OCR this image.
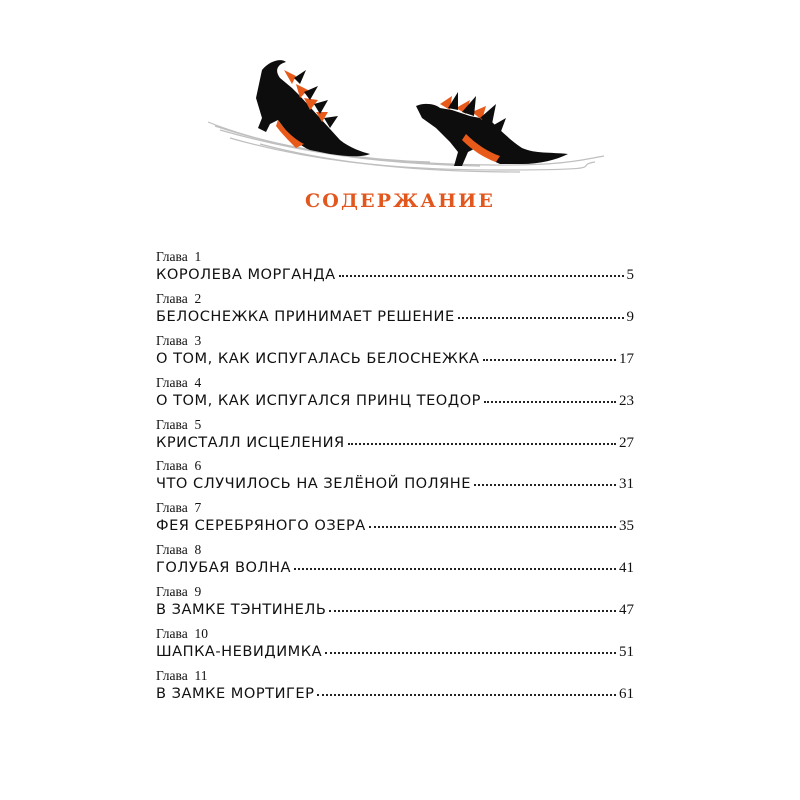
СОДЕРЖАНИЕ
Глава  1
КОРОЛЕВА МОРГАНДА	5
Глава  2
БЕЛОСНЕЖКА ПРИНИМАЕТ РЕШЕНИЕ	9
Глава  3
О ТОМ, КАК ИСПУГАЛАСЬ БЕЛОСНЕЖКА	17
Глава  4
О ТОМ, КАК ИСПУГАЛСЯ ПРИНЦ ТЕОДОР	23
Глава  5
КРИСТАЛЛ ИСЦЕЛЕНИЯ	27
Глава  6
ЧТО СЛУЧИЛОСЬ НА ЗЕЛЁНОЙ ПОЛЯНЕ	31
Глава  7
ФЕЯ СЕРЕБРЯНОГО ОЗЕРА	35
Глава  8
ГОЛУБАЯ ВОЛНА	41
Глава  9
В ЗАМКЕ ТЭНТИНЕЛЬ	47
Глава  10
ШАПКА-НЕВИДИМКА	51
Глава  11
В ЗАМКЕ МОРТИГЕР	61
